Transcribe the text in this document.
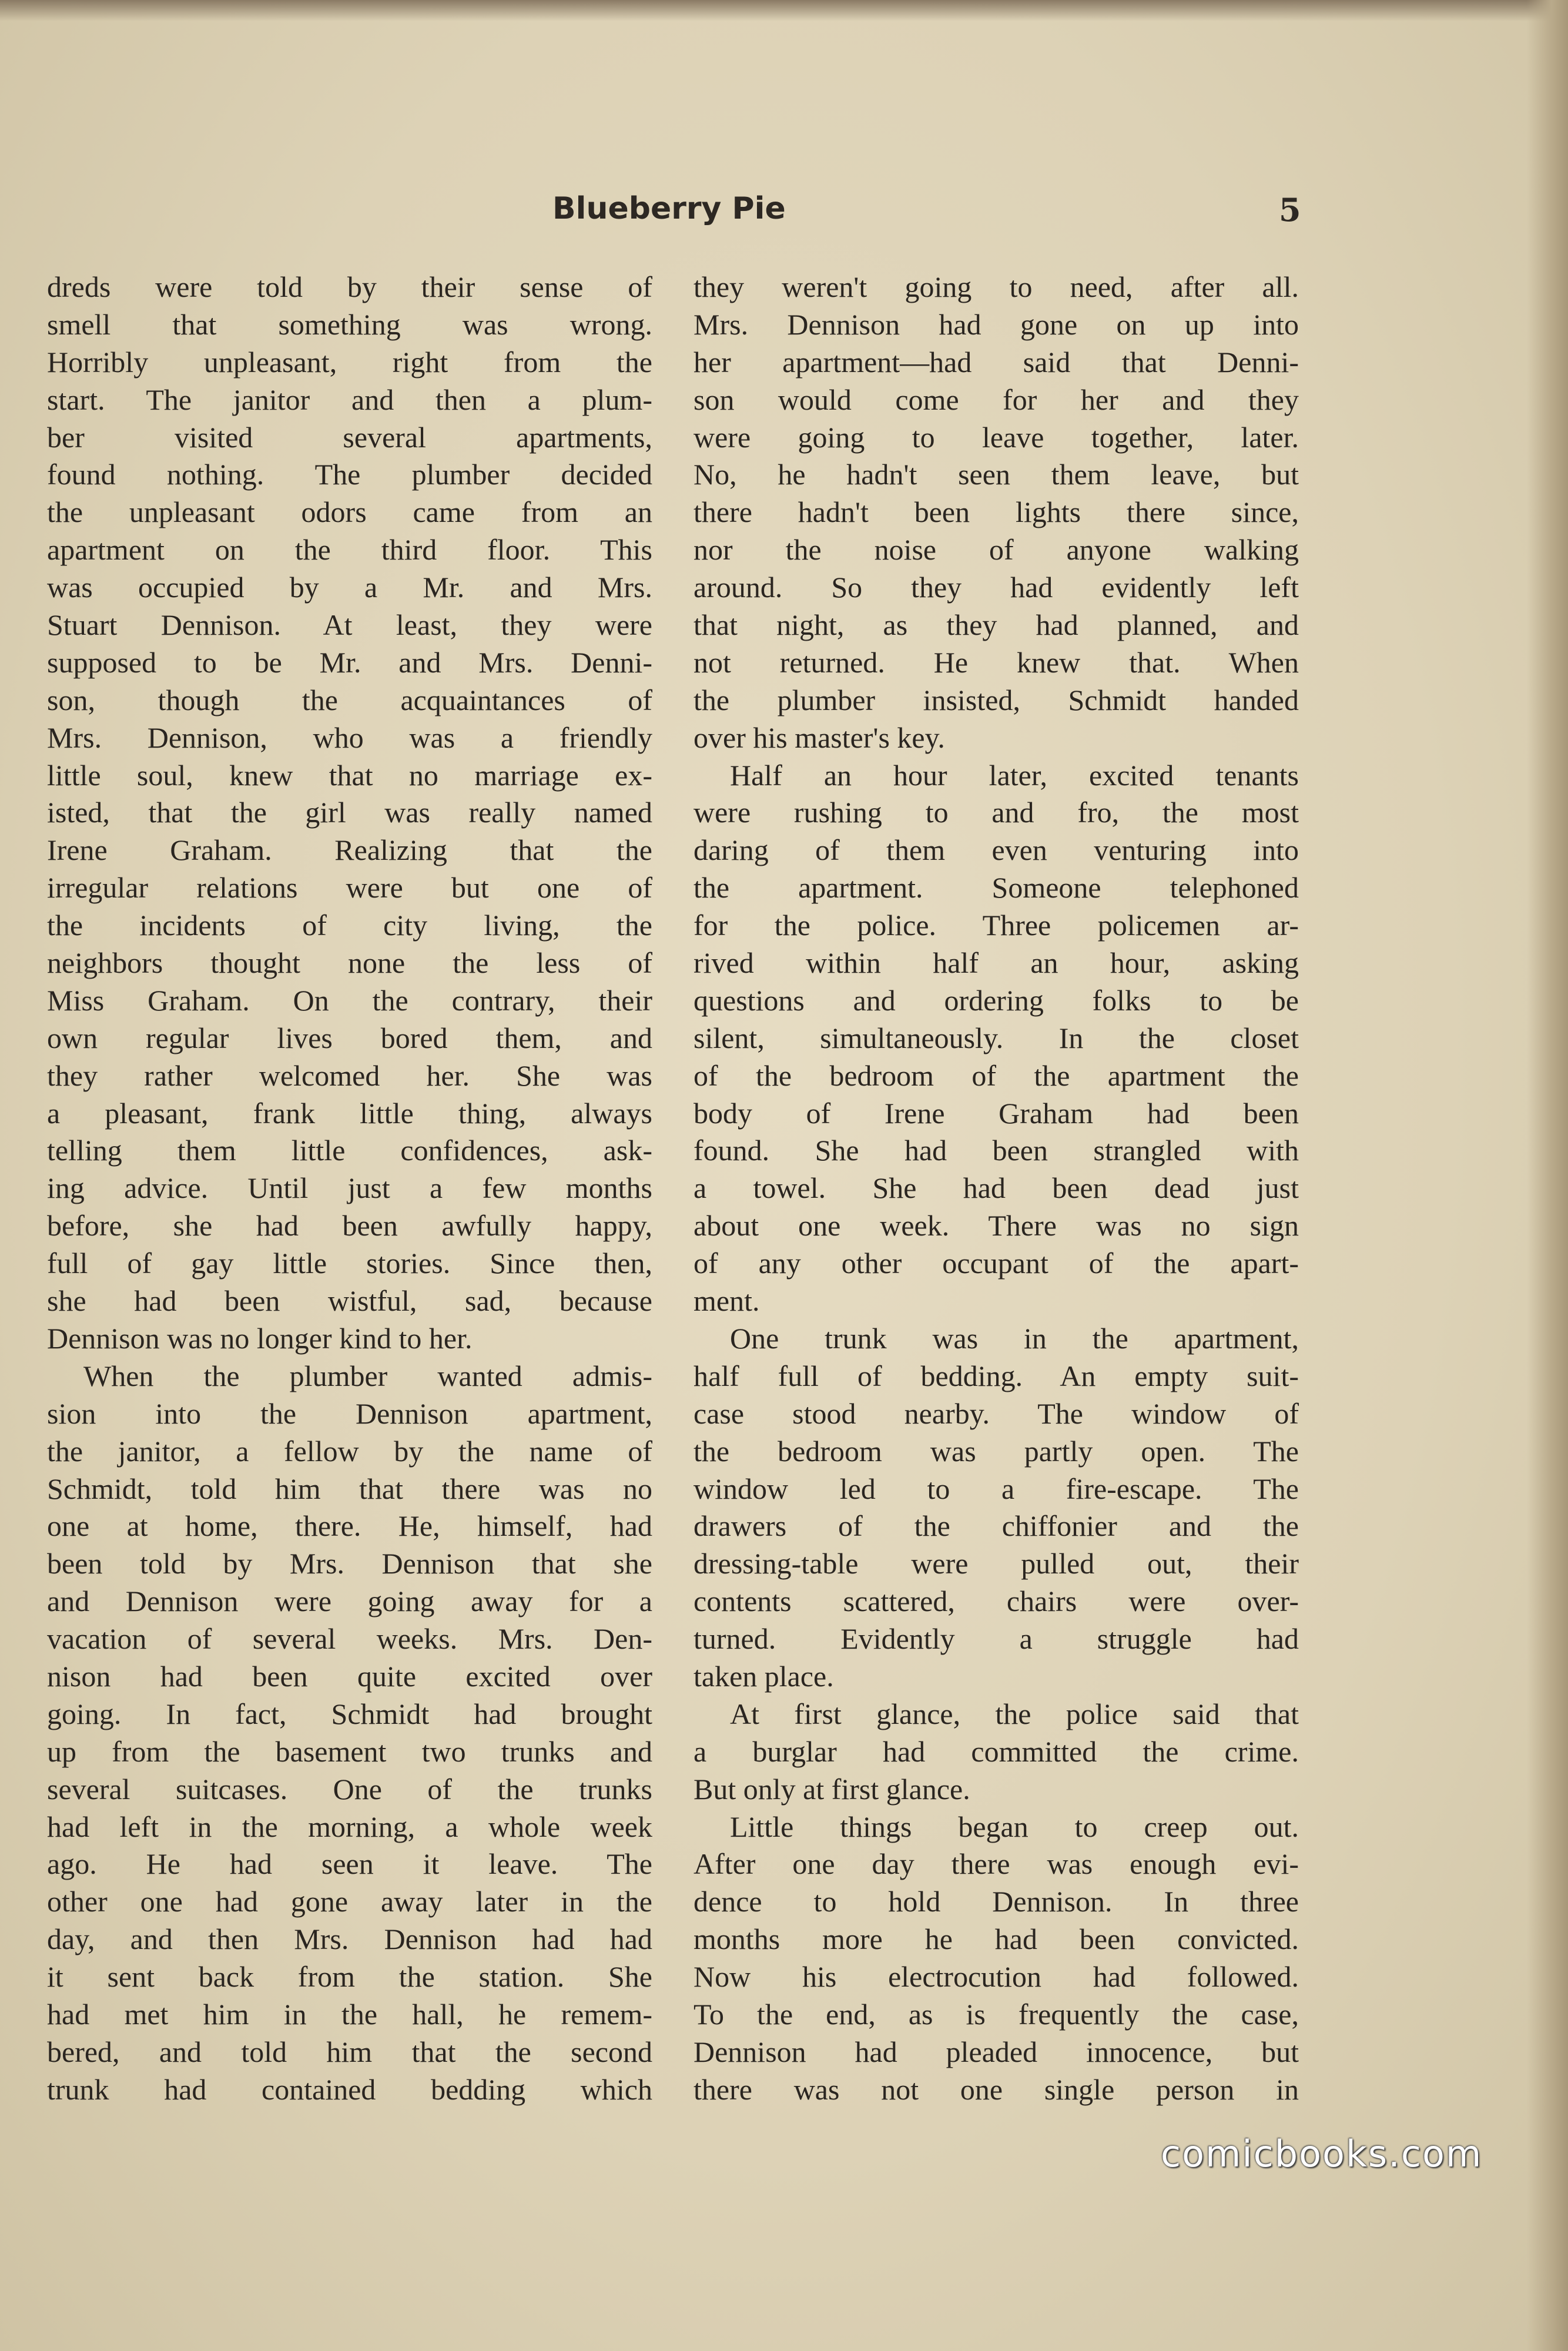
Blueberry Pie	5
dreds were told by their sense of
smell that something was wrong.
Horribly unpleasant, right from the
start. The janitor and then a plum-
ber visited several apartments,
found nothing. The plumber decided
the unpleasant odors came from an
apartment on the third floor. This
was occupied by a Mr. and Mrs.
Stuart Dennison. At least, they were
supposed to be Mr. and Mrs. Denni-
son, though the acquaintances of
Mrs. Dennison, who was a friendly
little soul, knew that no marriage ex-
isted, that the girl was really named
Irene Graham. Realizing that the
irregular relations were but one of
the incidents of city living, the
neighbors thought none the less of
Miss Graham. On the contrary, their
own regular lives bored them, and
they rather welcomed her. She was
a pleasant, frank little thing, always
telling them little confidences, ask-
ing advice. Until just a few months
before, she had been awfully happy,
full of gay little stories. Since then,
she had been wistful, sad, because
Dennison was no longer kind to her.
When the plumber wanted admis-
sion into the Dennison apartment,
the janitor, a fellow by the name of
Schmidt, told him that there was no
one at home, there. He, himself, had
been told by Mrs. Dennison that she
and Dennison were going away for a
vacation of several weeks. Mrs. Den-
nison had been quite excited over
going. In fact, Schmidt had brought
up from the basement two trunks and
several suitcases. One of the trunks
had left in the morning, a whole week
ago. He had seen it leave. The
other one had gone away later in the
day, and then Mrs. Dennison had had
it sent back from the station. She
had met him in the hall, he remem-
bered, and told him that the second
trunk had contained bedding which
they weren't going to need, after all.
Mrs. Dennison had gone on up into
her apartment—had said that Denni-
son would come for her and they
were going to leave together, later.
No, he hadn't seen them leave, but
there hadn't been lights there since,
nor the noise of anyone walking
around. So they had evidently left
that night, as they had planned, and
not returned. He knew that. When
the plumber insisted, Schmidt handed
over his master's key.
Half an hour later, excited tenants
were rushing to and fro, the most
daring of them even venturing into
the apartment. Someone telephoned
for the police. Three policemen ar-
rived within half an hour, asking
questions and ordering folks to be
silent, simultaneously. In the closet
of the bedroom of the apartment the
body of Irene Graham had been
found. She had been strangled with
a towel. She had been dead just
about one week. There was no sign
of any other occupant of the apart-
ment.
One trunk was in the apartment,
half full of bedding. An empty suit-
case stood nearby. The window of
the bedroom was partly open. The
window led to a fire-escape. The
drawers of the chiffonier and the
dressing-table were pulled out, their
contents scattered, chairs were over-
turned. Evidently a struggle had
taken place.
At first glance, the police said that
a burglar had committed the crime.
But only at first glance.
Little things began to creep out.
After one day there was enough evi-
dence to hold Dennison. In three
months more he had been convicted.
Now his electrocution had followed.
To the end, as is frequently the case,
Dennison had pleaded innocence, but
there was not one single person in
comicbooks.com
